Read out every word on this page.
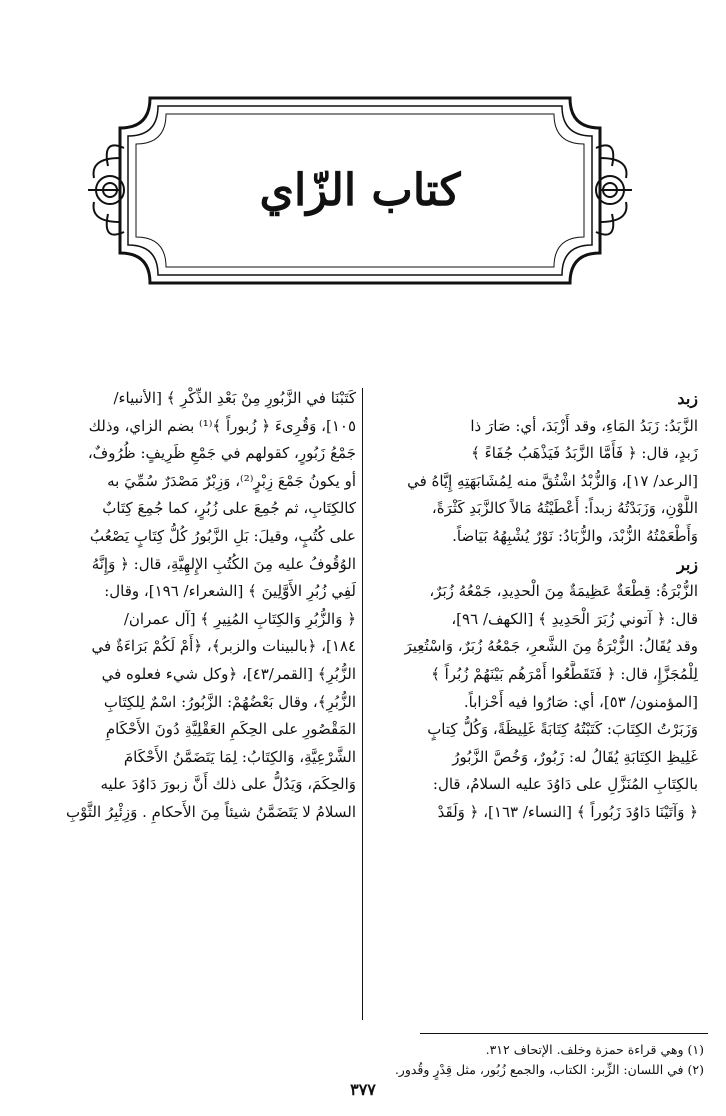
كتاب الزّاي
زبد
الزَّبَدُ: زَبَدُ المَاءِ، وقد أَزْبَدَ، أي: صَارَ ذا
زَبدٍ، قال: ﴿ فَأَمَّا الزَّبَدُ فَيَذْهَبُ جُفَاءً ﴾
[الرعد/ ١٧]، وَالزُّبْدُ اشْتُقَّ منه لِمُشَابَهَتِهِ إِيَّاهُ في
اللَّوْنِ، وَزَبَدْتُهُ زبداً: أَعْطَيْتُهُ مَالاً كالزَّبَدِ كَثْرَةً،
وَأَطْعَمْتُهُ الزُّبْدَ، والزُّبَادُ: نَوْرٌ يُشْبِهُهُ بَيَاضاً.
زبر
الزُّبْرَةُ: قِطْعَةٌ عَظِيمَةٌ مِنَ الْحدِيدِ، جَمْعُهُ زُبَرٌ،
قال: ﴿ آتوني زُبَرَ الْحَدِيدِ ﴾ [الكهف/ ٩٦]،
وقد يُقَالُ: الزُّبْرَةُ مِنَ الشَّعرِ، جَمْعُهُ زُبَرٌ، وَاسْتُعِيرَ
لِلْمُجَزَّإِ، قال: ﴿ فَتَقَطَّعُوا أَمْرَهُم بَيْنَهُمْ زُبُراً ﴾
[المؤمنون/ ٥٣]، أي: صَارُوا فيه أَحْزاباً.
وَزَبَرْتُ الكِتَابَ: كَتَبْتُهُ كِتَابَةً غَلِيظَةً، وَكُلُّ كِتابٍ
غَلِيظِ الكِتَابَةِ يُقَالُ له: زَبُورٌ، وَخُصَّ الزَّبُورُ
بالكِتَابِ المُنَزَّلِ على دَاوُدَ عليه السلامُ، قال:
﴿ وَآتَيْنَا دَاوُدَ زَبُوراً ﴾ [النساء/ ١٦٣]، ﴿ وَلَقَدْ
كَتَبْنَا في الزَّبُورِ مِنْ بَعْدِ الذِّكْرِ ﴾ [الأنبياء/
١٠٥]، وَقُرِىءَ ﴿ زُبوراً ﴾⁽¹⁾ بضم الزاي، وذلك
جَمْعُ زَبُورٍ، كقولهم في جَمْعِ ظَرِيفٍ: ظُرُوفٌ،
أو يكونُ جَمْعَ زِبْرٍ⁽²⁾، وَزِبْرٌ مَصْدَرٌ سُمِّيَ به
كالكِتَابِ، ثم جُمِعَ على زُبُرٍ، كما جُمِعَ كِتَابٌ
على كُتُبٍ، وقيلَ: بَلِ الزَّبُورُ كُلُّ كِتَابٍ يَصْعُبُ
الوُقُوفُ عليه مِنَ الكُتُبِ الإِلهِيَّةِ، قال: ﴿ وَإِنَّهُ
لَفِي زُبُرِ الأَوَّلِينَ ﴾ [الشعراء/ ١٩٦]، وقال:
﴿ وَالزُّبُرِ وَالكِتَابِ المُنِيرِ ﴾ [آل عمران/
١٨٤]، ﴿بالبينات والزبر﴾، ﴿أَمْ لَكُمْ بَرَاءَةٌ في
الزُّبُرِ﴾ [القمر/٤٣]، ﴿وكل شيء فعلوه في
الزُّبُرِ﴾، وقال بَعْضُهُمْ: الزَّبُورُ: اسْمٌ لِلكِتَابِ
المَقْصُورِ على الحِكَمِ العَقْلِيَّةِ دُونَ الأَحْكَامِ
الشَّرْعِيَّةِ، وَالكِتَابُ: لِمَا يَتَضَمَّنُ الأَحْكَامَ
وَالحِكَمَ، وَيَدُلُّ على ذلك أَنَّ زبورَ دَاوُدَ عليه
السلامُ لا يَتَضَمَّنُ شيئاً مِنَ الأَحكامِ . وَزِئْبِرُ الثَّوْبِ
(١) وهي قراءة حمزة وخلف. الإتحاف ٣١٢.
(٢) في اللسان: الزِّبر: الكتاب، والجمع زُبُور، مثل قِدْرٍ وقُدور.
٣٧٧
